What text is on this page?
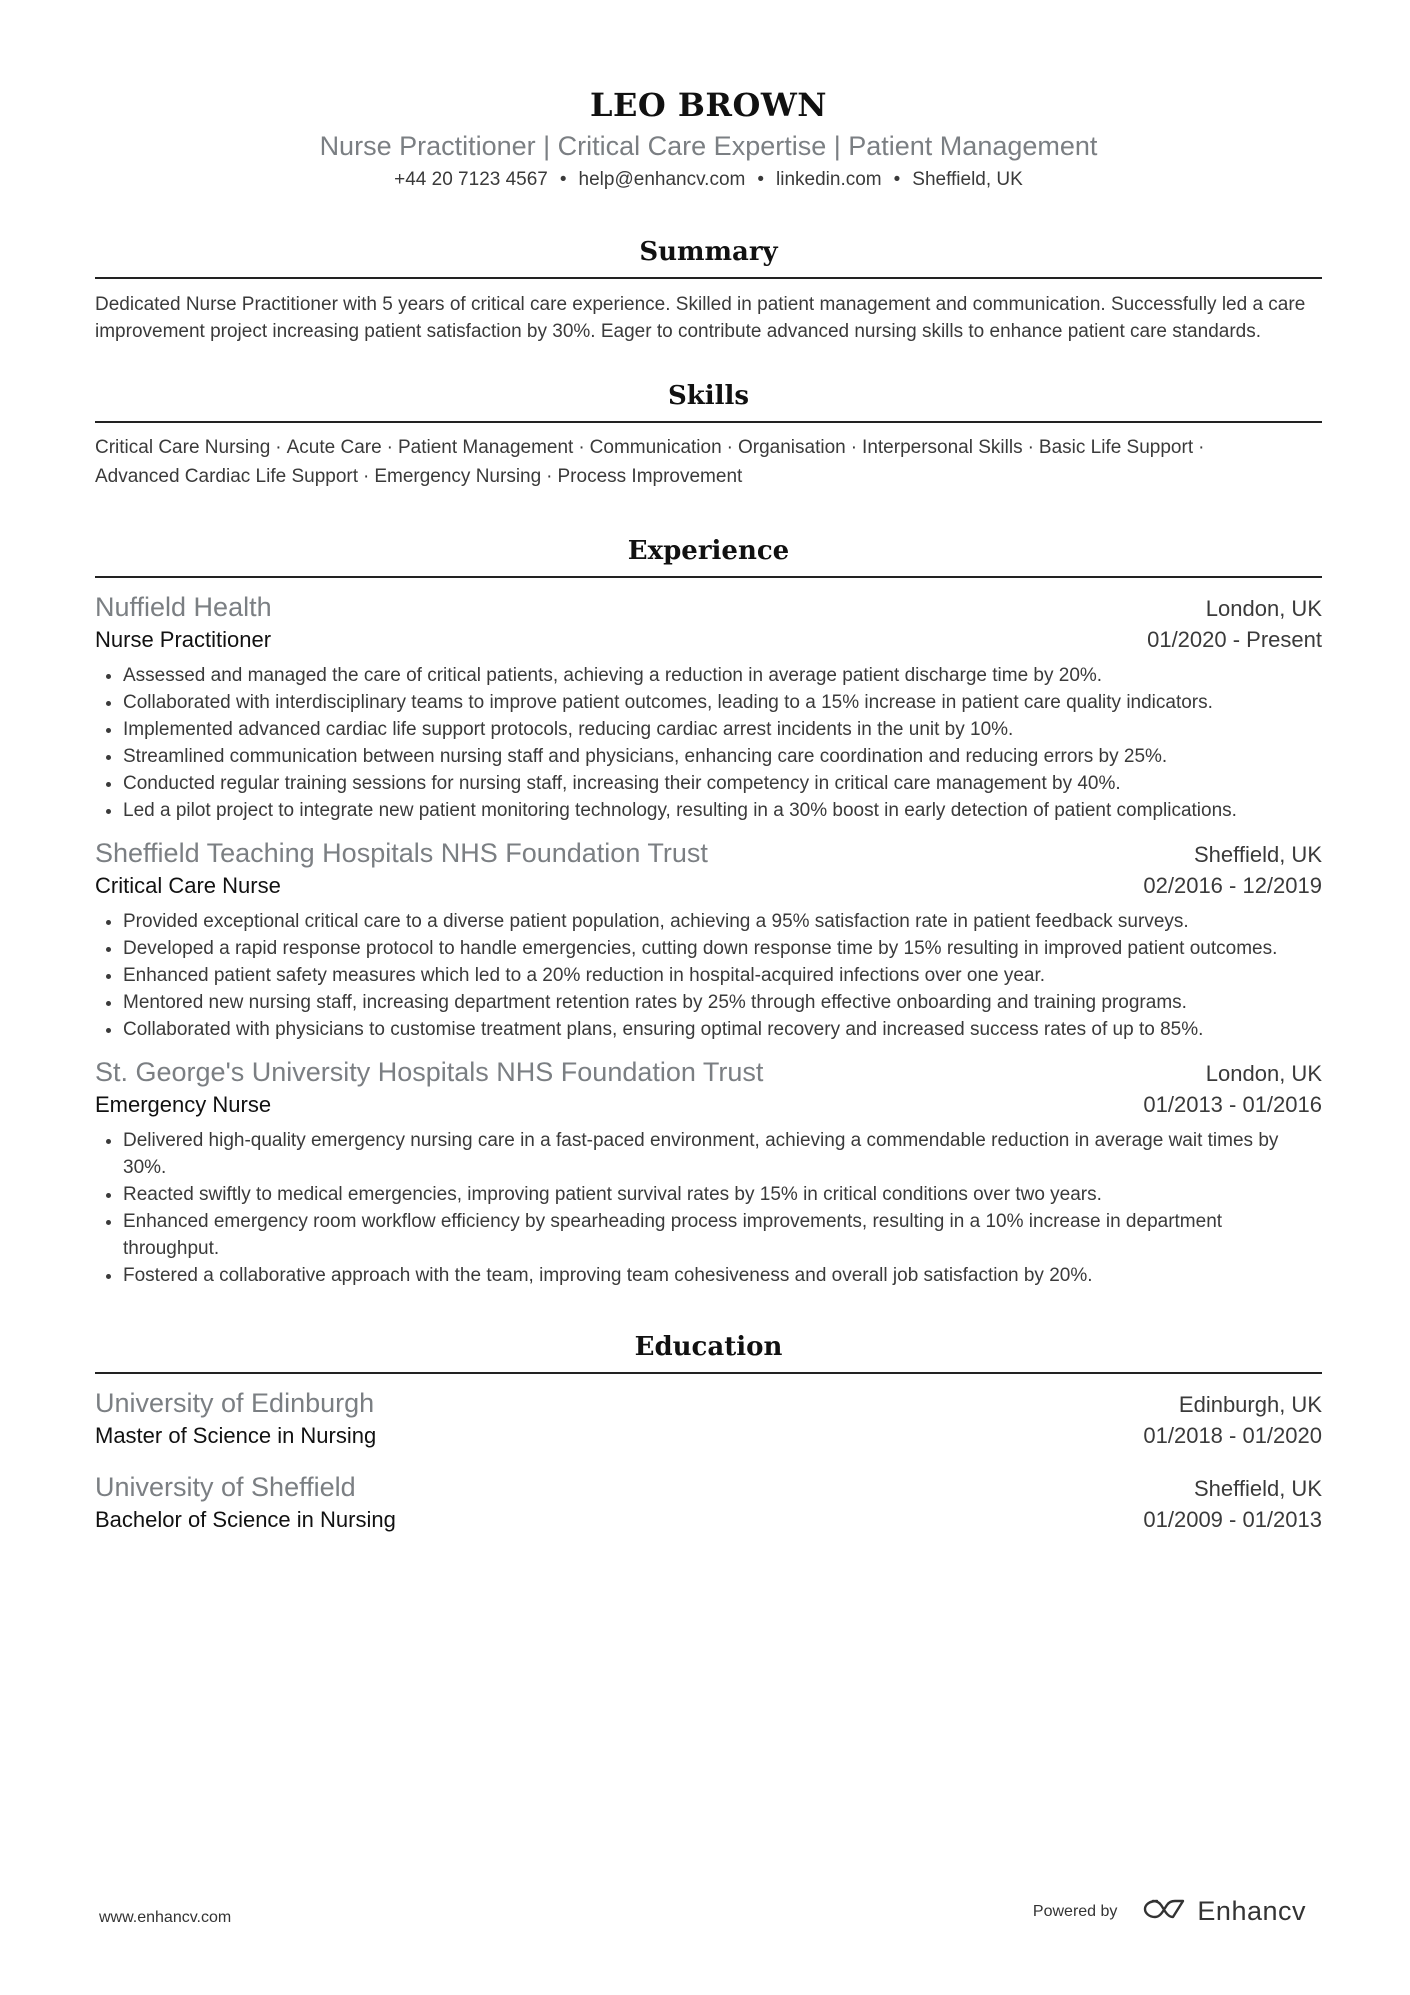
LEO BROWN
Nurse Practitioner | Critical Care Expertise | Patient Management
+44 20 7123 4567 • help@enhancv.com • linkedin.com • Sheffield, UK
Summary
Dedicated Nurse Practitioner with 5 years of critical care experience. Skilled in patient management and communication. Successfully led a care improvement project increasing patient satisfaction by 30%. Eager to contribute advanced nursing skills to enhance patient care standards.
Skills
Critical Care Nursing · Acute Care · Patient Management · Communication · Organisation · Interpersonal Skills · Basic Life Support ·
Advanced Cardiac Life Support · Emergency Nursing · Process Improvement
Experience
Nuffield Health	London, UK
Nurse Practitioner	01/2020 - Present
• Assessed and managed the care of critical patients, achieving a reduction in average patient discharge time by 20%.
• Collaborated with interdisciplinary teams to improve patient outcomes, leading to a 15% increase in patient care quality indicators.
• Implemented advanced cardiac life support protocols, reducing cardiac arrest incidents in the unit by 10%.
• Streamlined communication between nursing staff and physicians, enhancing care coordination and reducing errors by 25%.
• Conducted regular training sessions for nursing staff, increasing their competency in critical care management by 40%.
• Led a pilot project to integrate new patient monitoring technology, resulting in a 30% boost in early detection of patient complications.
Sheffield Teaching Hospitals NHS Foundation Trust	Sheffield, UK
Critical Care Nurse	02/2016 - 12/2019
• Provided exceptional critical care to a diverse patient population, achieving a 95% satisfaction rate in patient feedback surveys.
• Developed a rapid response protocol to handle emergencies, cutting down response time by 15% resulting in improved patient outcomes.
• Enhanced patient safety measures which led to a 20% reduction in hospital-acquired infections over one year.
• Mentored new nursing staff, increasing department retention rates by 25% through effective onboarding and training programs.
• Collaborated with physicians to customise treatment plans, ensuring optimal recovery and increased success rates of up to 85%.
St. George's University Hospitals NHS Foundation Trust	London, UK
Emergency Nurse	01/2013 - 01/2016
• Delivered high-quality emergency nursing care in a fast-paced environment, achieving a commendable reduction in average wait times by 30%.
• Reacted swiftly to medical emergencies, improving patient survival rates by 15% in critical conditions over two years.
• Enhanced emergency room workflow efficiency by spearheading process improvements, resulting in a 10% increase in department throughput.
• Fostered a collaborative approach with the team, improving team cohesiveness and overall job satisfaction by 20%.
Education
University of Edinburgh	Edinburgh, UK
Master of Science in Nursing	01/2018 - 01/2020
University of Sheffield	Sheffield, UK
Bachelor of Science in Nursing	01/2009 - 01/2013
www.enhancv.com	Powered by	Enhancv
